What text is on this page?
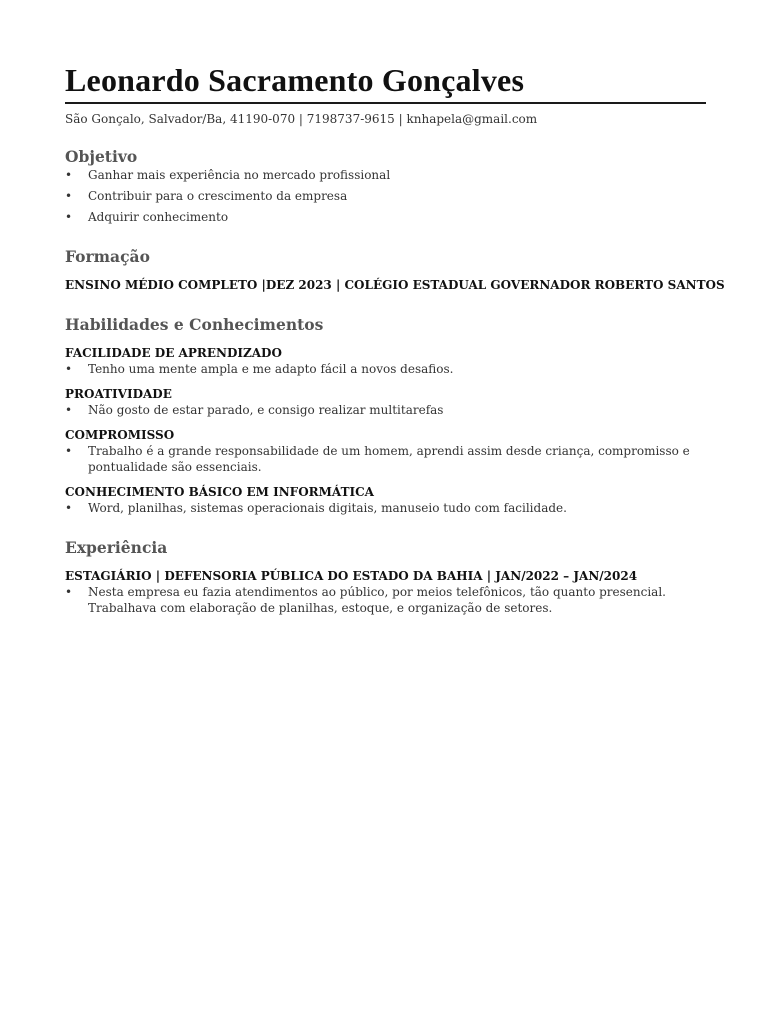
Leonardo Sacramento Gonçalves
São Gonçalo, Salvador/Ba, 41190-070 | 7198737-9615 | knhapela@gmail.com
Objetivo
• Ganhar mais experiência no mercado profissional
• Contribuir para o crescimento da empresa
• Adquirir conhecimento
Formação
ENSINO MÉDIO COMPLETO |DEZ 2023 | COLÉGIO ESTADUAL GOVERNADOR ROBERTO SANTOS
Habilidades e Conhecimentos
FACILIDADE DE APRENDIZADO
• Tenho uma mente ampla e me adapto fácil a novos desafios.
PROATIVIDADE
• Não gosto de estar parado, e consigo realizar multitarefas
COMPROMISSO
• Trabalho é a grande responsabilidade de um homem, aprendi assim desde criança, compromisso e pontualidade são essenciais.
CONHECIMENTO BÁSICO EM INFORMÁTICA
• Word, planilhas, sistemas operacionais digitais, manuseio tudo com facilidade.
Experiência
ESTAGIÁRIO | DEFENSORIA PÚBLICA DO ESTADO DA BAHIA | JAN/2022 – JAN/2024
• Nesta empresa eu fazia atendimentos ao público, por meios telefônicos, tão quanto presencial. Trabalhava com elaboração de planilhas, estoque, e organização de setores.
